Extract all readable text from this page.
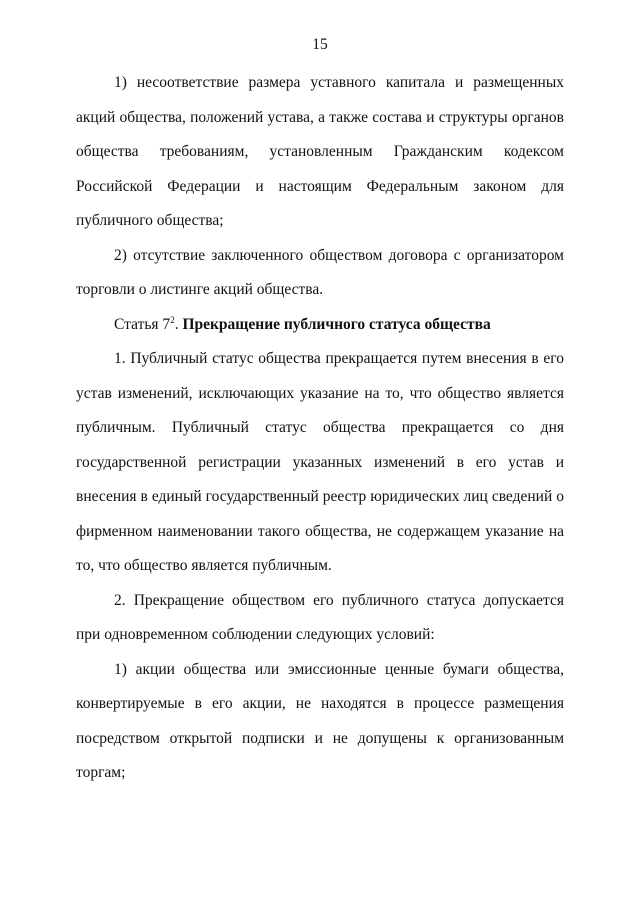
15

1) несоответствие размера уставного капитала и размещенных акций общества, положений устава, а также состава и структуры органов общества требованиям, установленным Гражданским кодексом Российской Федерации и настоящим Федеральным законом для публичного общества;

2) отсутствие заключенного обществом договора с организатором торговли о листинге акций общества.

Статья $7^2$. Прекращение публичного статуса общества

1. Публичный статус общества прекращается путем внесения в его устав изменений, исключающих указание на то, что общество является публичным. Публичный статус общества прекращается со дня государственной регистрации указанных изменений в его устав и внесения в единый государственный реестр юридических лиц сведений о фирменном наименовании такого общества, не содержащем указание на то, что общество является публичным.

2. Прекращение обществом его публичного статуса допускается при одновременном соблюдении следующих условий:

1) акции общества или эмиссионные ценные бумаги общества, конвертируемые в его акции, не находятся в процессе размещения посредством открытой подписки и не допущены к организованным торгам;
